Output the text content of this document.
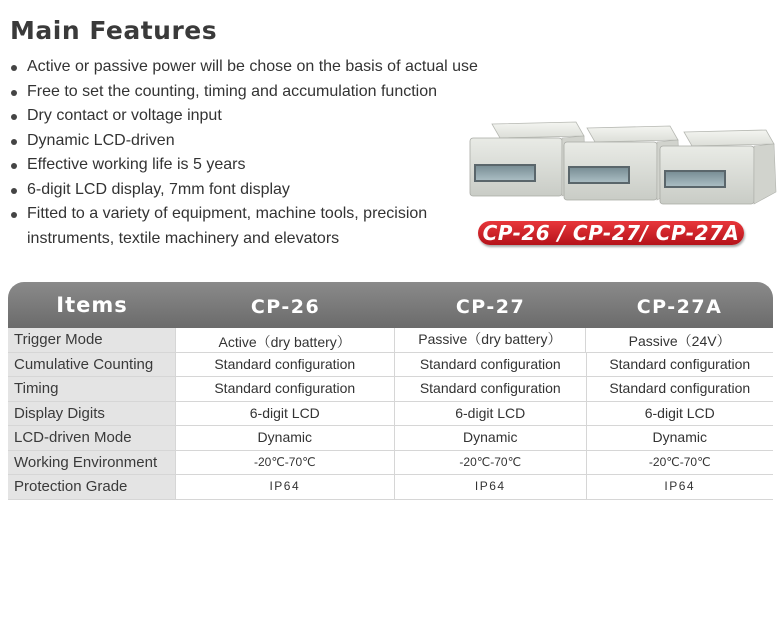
Main Features
Active or passive power will be chose on the basis of actual use
Free to set the counting, timing and accumulation function
Dry contact or voltage input
Dynamic LCD-driven
Effective working life is 5 years
6-digit LCD display, 7mm font display
Fitted to a variety of equipment, machine tools, precision
instruments, textile machinery and elevators	CP-26 / CP-27/ CP-27A
Items	CP-26	CP-27	CP-27A
Trigger Mode	Active（dry battery）	Passive（dry battery）	Passive（24V）
Cumulative Counting	Standard configuration	Standard configuration	Standard configuration
Timing	Standard configuration	Standard configuration	Standard configuration
Display Digits	6-digit LCD	6-digit LCD	6-digit LCD
LCD-driven Mode	Dynamic	Dynamic	Dynamic
Working Environment	-20℃-70℃	-20℃-70℃	-20℃-70℃
Protection Grade	IP64	IP64	IP64
